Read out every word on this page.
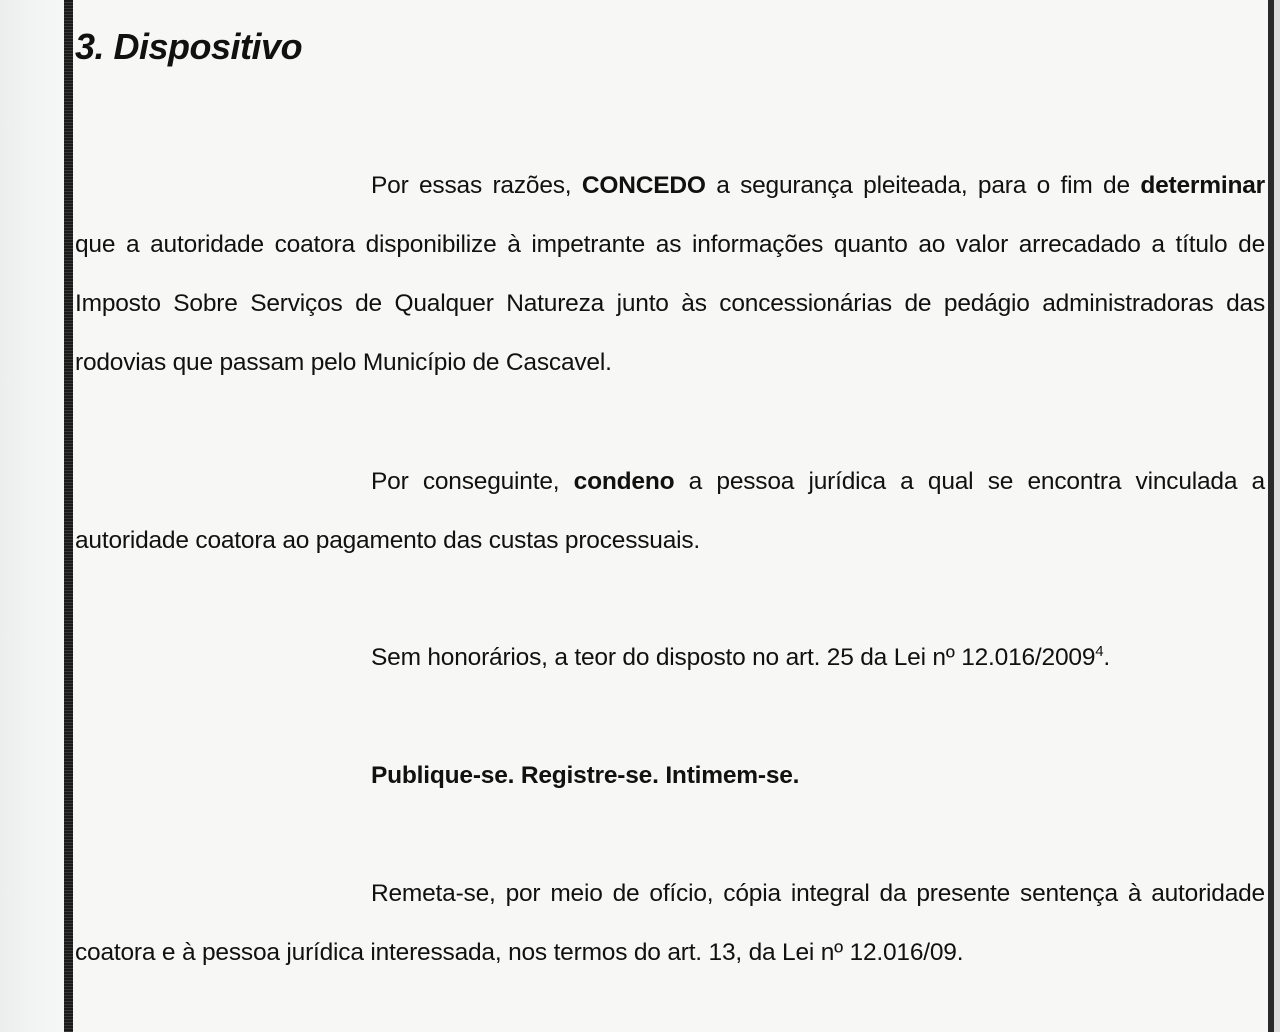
3. Dispositivo

Por essas razões, CONCEDO a segurança pleiteada, para o fim de determinar que a autoridade coatora disponibilize à impetrante as informações quanto ao valor arrecadado a título de Imposto Sobre Serviços de Qualquer Natureza junto às concessionárias de pedágio administradoras das rodovias que passam pelo Município de Cascavel.

Por conseguinte, condeno a pessoa jurídica a qual se encontra vinculada a autoridade coatora ao pagamento das custas processuais.

Sem honorários, a teor do disposto no art. 25 da Lei nº 12.016/2009$^4$.

Publique-se. Registre-se. Intimem-se.

Remeta-se, por meio de ofício, cópia integral da presente sentença à autoridade coatora e à pessoa jurídica interessada, nos termos do art. 13, da Lei nº 12.016/09.
